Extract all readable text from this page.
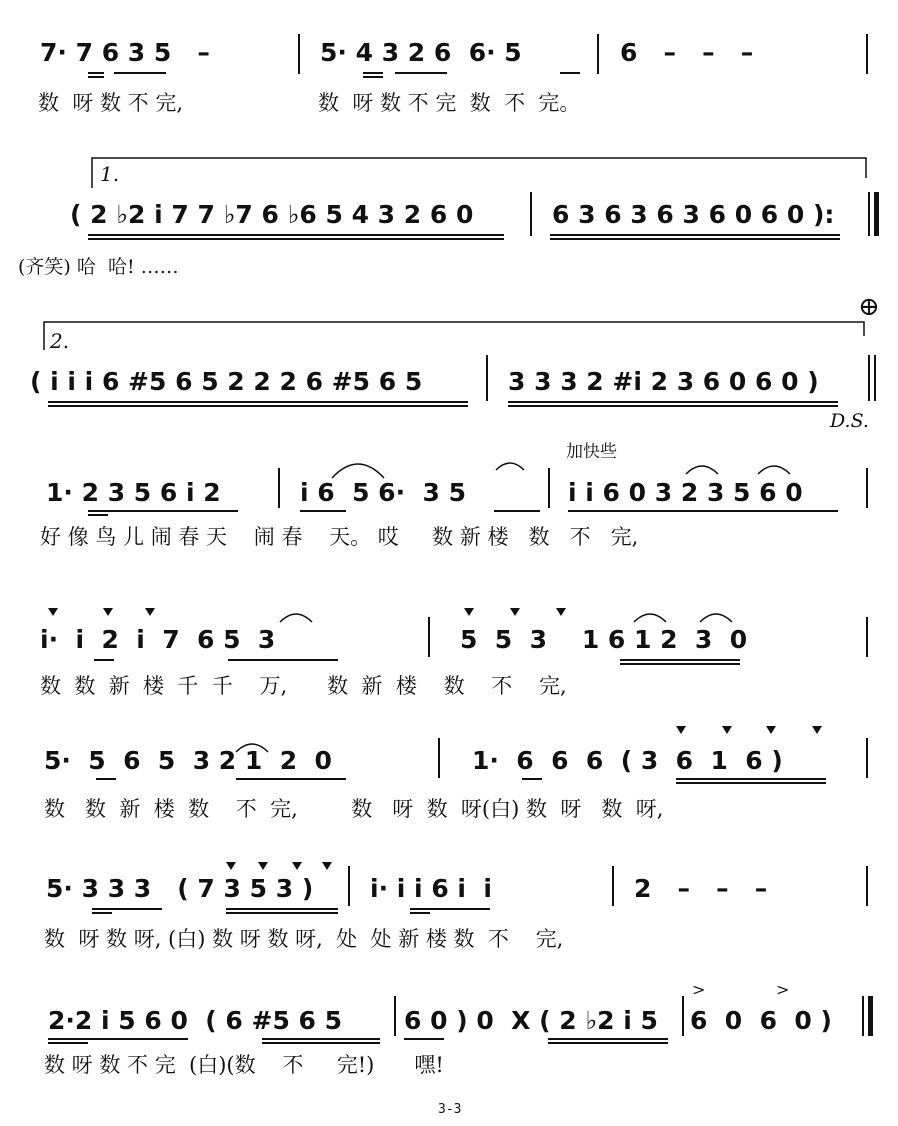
7· 7 6 3 5   –	5· 4 3 2 6  6· 5	6   –   –   –
数  呀 数 不 完,	数  呀 数 不 完  数  不  完。
1.
( 2 ♭2 i 7 7 ♭7 6 ♭6 5 4 3 2 6 0	6 3 6 3 6 3 6 0 6 0 ):
(齐笑) 哈  哈! ……
⊕
2.
( i i i 6 #5 6 5 2 2 2 6 #5 6 5	3 3 3 2 #i 2 3 6 0 6 0 )
D.S.
加快些
1· 2 3 5 6 i 2	i 6  5 6·  3 5	i i 6 0 3 2 3 5 6 0
好 像 鸟 儿 闹 春 天    闹 春    天。 哎     数 新 楼   数   不   完,
i·  i  2  i  7  6 5  3	5  5  3    1 6 1 2  3  0
数  数  新  楼  千  千    万,      数  新  楼    数    不    完,
5·  5  6  5  3 2 1  2  0	1·  6  6  6  ( 3  6  1  6 )
数   数  新  楼  数    不  完,        数   呀  数  呀(白) 数  呀   数  呀,
5· 3 3 3   ( 7 3 5 3 ) i· i i 6 i  i	2   –   –   –
数  呀 数 呀, (白) 数 呀 数 呀,  处  处 新 楼 数  不    完,
2·2 i 5 6 0  ( 6 #5 6 5 6 0 ) 0  X ( 2 ♭2 i 5 6  0  6  0 )
>	>
数 呀 数 不 完  (白)(数    不     完!)      嘿!
3-3
